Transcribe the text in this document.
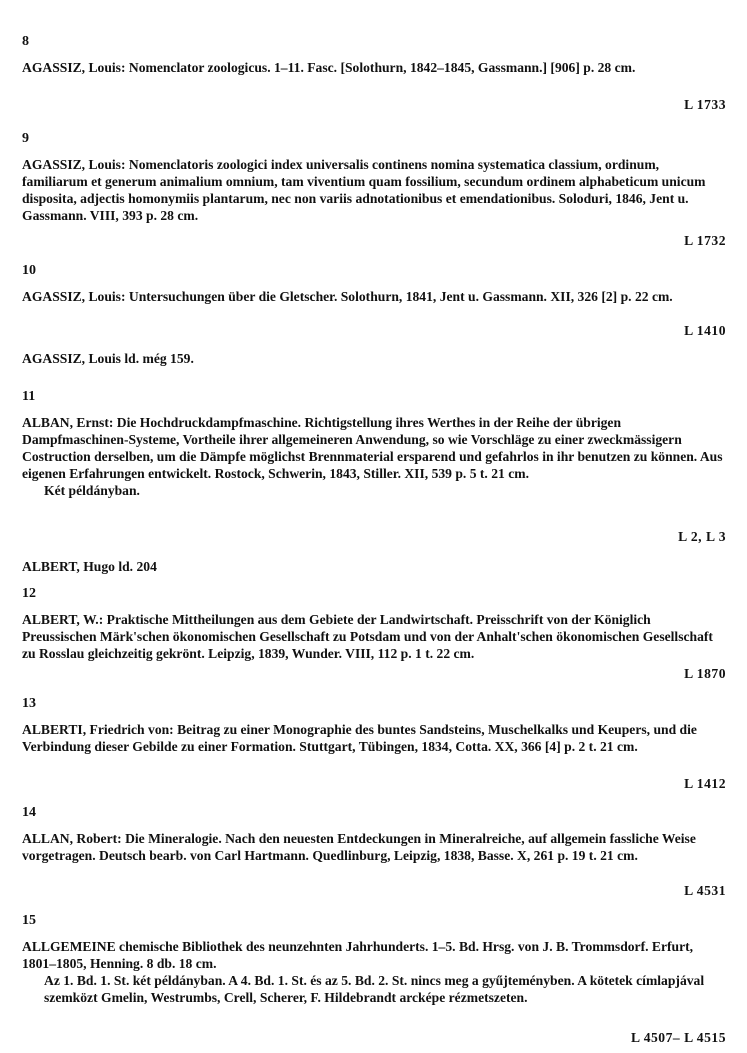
8
AGASSIZ, Louis: Nomenclator zoologicus. 1–11. Fasc. [Solothurn, 1842–1845, Gassmann.] [906] p. 28 cm.
L 1733
9
AGASSIZ, Louis: Nomenclatoris zoologici index universalis continens nomina systematica classium, ordinum, familiarum et generum animalium omnium, tam viventium quam fossilium, secundum ordinem alphabeticum unicum disposita, adjectis homonymiis plantarum, nec non variis adnotationibus et emendationibus. Soloduri, 1846, Jent u. Gassmann. VIII, 393 p. 28 cm.
L 1732
10
AGASSIZ, Louis: Untersuchungen über die Gletscher. Solothurn, 1841, Jent u. Gassmann. XII, 326 [2] p. 22 cm.
L 1410
AGASSIZ, Louis ld. még 159.
11
ALBAN, Ernst: Die Hochdruckdampfmaschine. Richtigstellung ihres Werthes in der Reihe der übrigen Dampfmaschinen-Systeme, Vortheile ihrer allgemeineren Anwendung, so wie Vorschläge zu einer zweckmässigern Costruction derselben, um die Dämpfe möglichst Brennmaterial ersparend und gefahrlos in ihr benutzen zu können. Aus eigenen Erfahrungen entwickelt. Rostock, Schwerin, 1843, Stiller. XII, 539 p. 5 t. 21 cm.
Két példányban.
L 2, L 3
ALBERT, Hugo ld. 204
12
ALBERT, W.: Praktische Mittheilungen aus dem Gebiete der Landwirtschaft. Preisschrift von der Königlich Preussischen Märk'schen ökonomischen Gesellschaft zu Potsdam und von der Anhalt'schen ökonomischen Gesellschaft zu Rosslau gleichzeitig gekrönt. Leipzig, 1839, Wunder. VIII, 112 p. 1 t. 22 cm.
L 1870
13
ALBERTI, Friedrich von: Beitrag zu einer Monographie des buntes Sandsteins, Muschelkalks und Keupers, und die Verbindung dieser Gebilde zu einer Formation. Stuttgart, Tübingen, 1834, Cotta. XX, 366 [4] p. 2 t. 21 cm.
L 1412
14
ALLAN, Robert: Die Mineralogie. Nach den neuesten Entdeckungen in Mineralreiche, auf allgemein fassliche Weise vorgetragen. Deutsch bearb. von Carl Hartmann. Quedlinburg, Leipzig, 1838, Basse. X, 261 p. 19 t. 21 cm.
L 4531
15
ALLGEMEINE chemische Bibliothek des neunzehnten Jahrhunderts. 1–5. Bd. Hrsg. von J. B. Trommsdorf. Erfurt, 1801–1805, Henning. 8 db. 18 cm.
Az 1. Bd. 1. St. két példányban. A 4. Bd. 1. St. és az 5. Bd. 2. St. nincs meg a gyűjteményben. A kötetek címlapjával szemközt Gmelin, Westrumbs, Crell, Scherer, F. Hildebrandt arcképe rézmetszeten.
L 4507– L 4515
